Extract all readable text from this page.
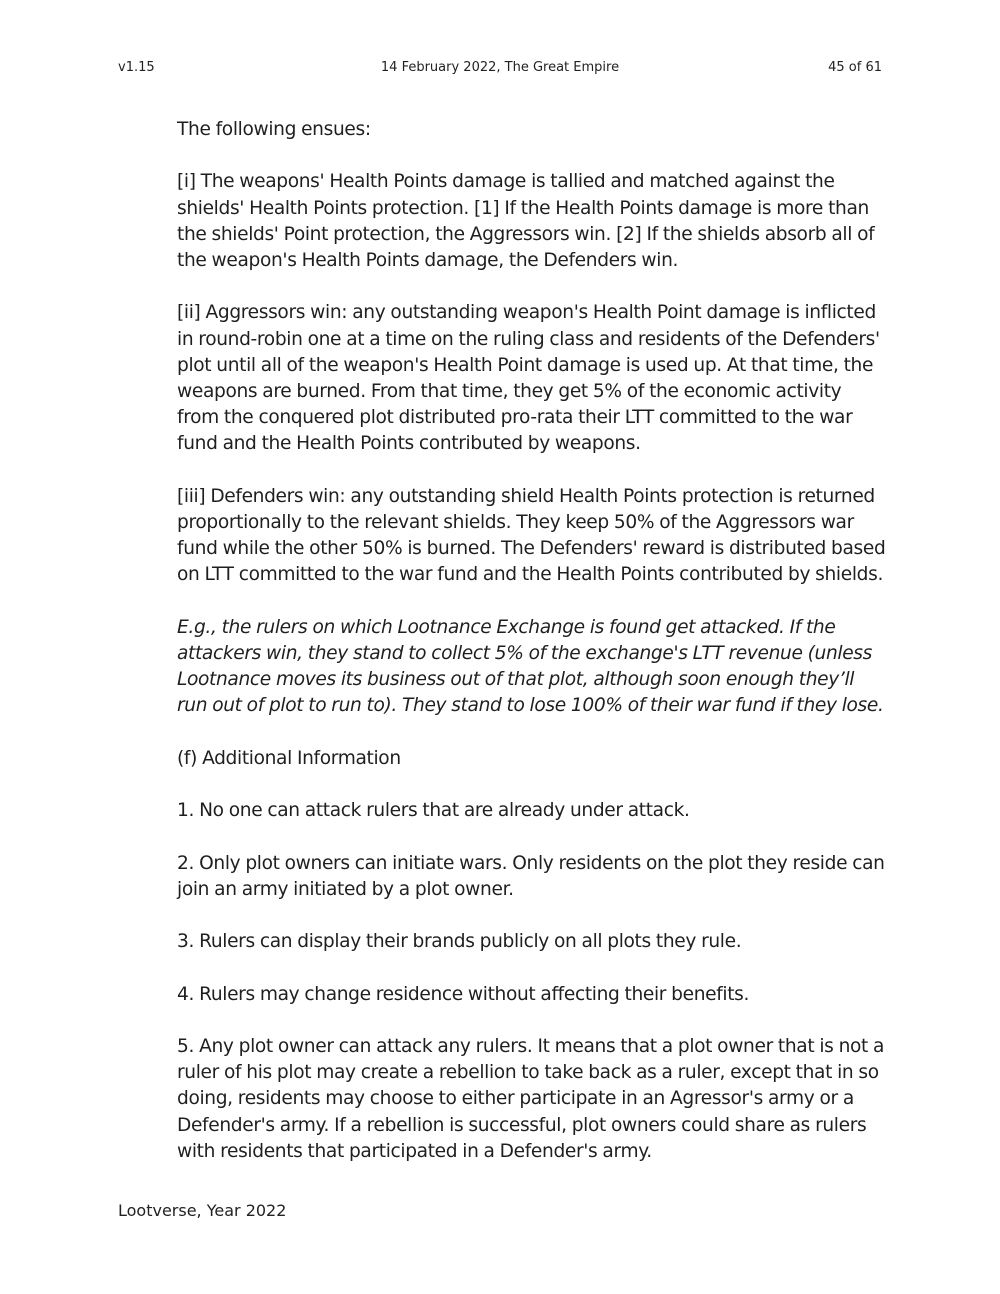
v1.15	14 February 2022, The Great Empire	45 of 61

The following ensues:

[i] The weapons' Health Points damage is tallied and matched against the shields' Health Points protection. [1] If the Health Points damage is more than the shields' Point protection, the Aggressors win. [2] If the shields absorb all of the weapon's Health Points damage, the Defenders win.

[ii] Aggressors win: any outstanding weapon's Health Point damage is inflicted in round-robin one at a time on the ruling class and residents of the Defenders' plot until all of the weapon's Health Point damage is used up. At that time, the weapons are burned. From that time, they get 5% of the economic activity from the conquered plot distributed pro-rata their LTT committed to the war fund and the Health Points contributed by weapons.

[iii] Defenders win: any outstanding shield Health Points protection is returned proportionally to the relevant shields. They keep 50% of the Aggressors war fund while the other 50% is burned. The Defenders' reward is distributed based on LTT committed to the war fund and the Health Points contributed by shields.

E.g., the rulers on which Lootnance Exchange is found get attacked. If the attackers win, they stand to collect 5% of the exchange's LTT revenue (unless Lootnance moves its business out of that plot, although soon enough they’ll run out of plot to run to). They stand to lose 100% of their war fund if they lose.

(f) Additional Information

1. No one can attack rulers that are already under attack.

2. Only plot owners can initiate wars. Only residents on the plot they reside can join an army initiated by a plot owner.

3. Rulers can display their brands publicly on all plots they rule.

4. Rulers may change residence without affecting their benefits.

5. Any plot owner can attack any rulers. It means that a plot owner that is not a ruler of his plot may create a rebellion to take back as a ruler, except that in so doing, residents may choose to either participate in an Agressor's army or a Defender's army. If a rebellion is successful, plot owners could share as rulers with residents that participated in a Defender's army.

Lootverse, Year 2022
